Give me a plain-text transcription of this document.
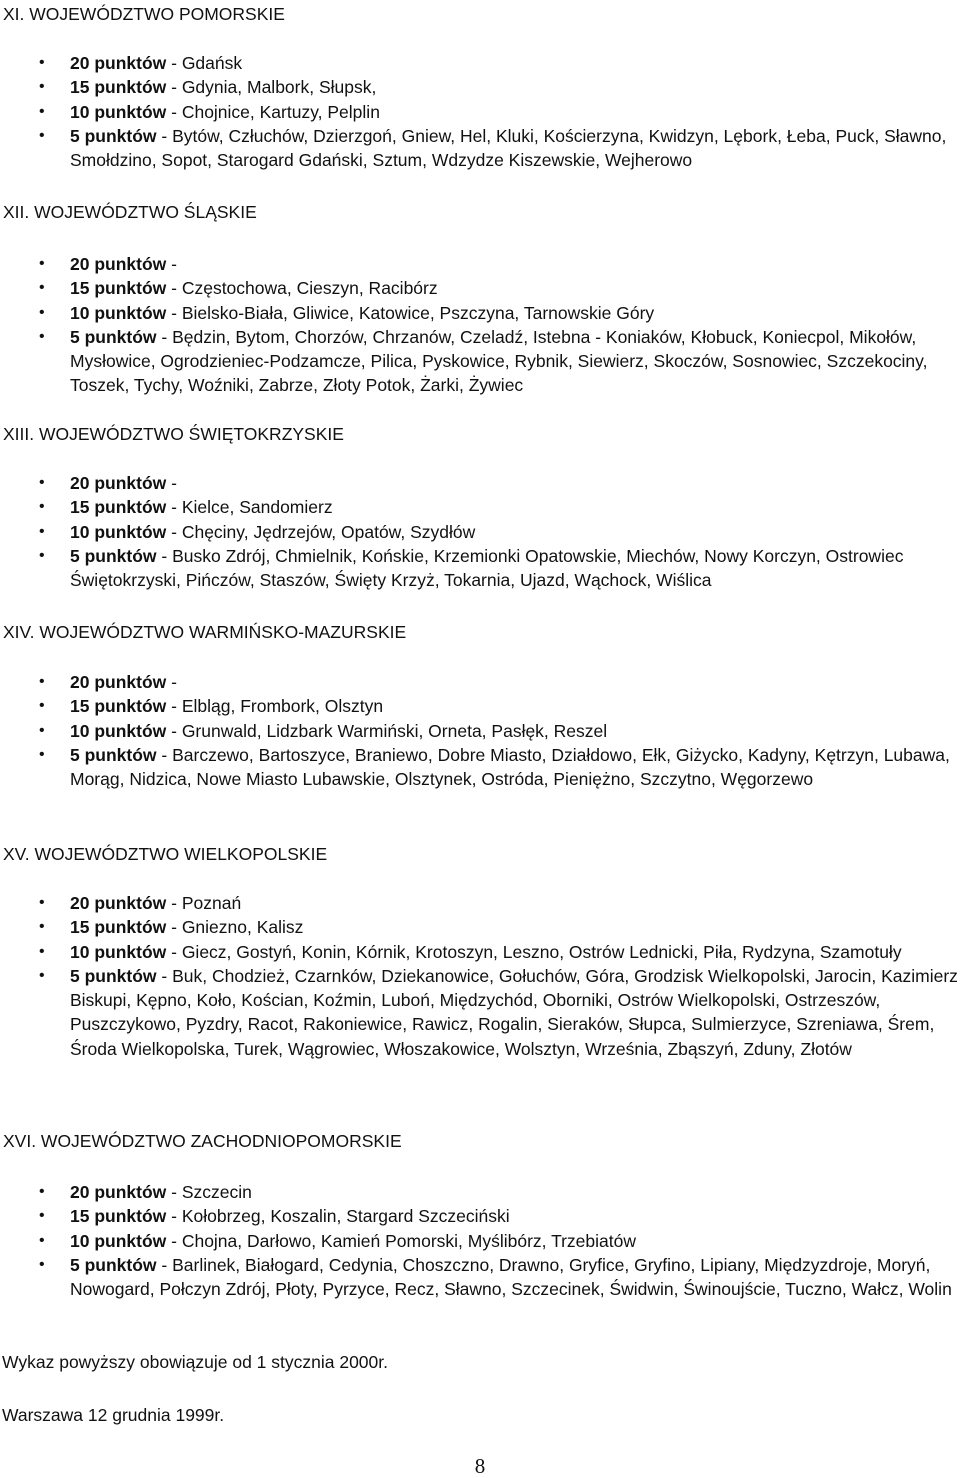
XI. WOJEWÓDZTWO POMORSKIE
• 20 punktów - Gdańsk
• 15 punktów - Gdynia, Malbork, Słupsk,
• 10 punktów - Chojnice, Kartuzy, Pelplin
• 5 punktów - Bytów, Człuchów, Dzierzgoń, Gniew, Hel, Kluki, Kościerzyna, Kwidzyn, Lębork, Łeba, Puck, Sławno, Smołdzino, Sopot, Starogard Gdański, Sztum, Wdzydze Kiszewskie, Wejherowo
XII. WOJEWÓDZTWO ŚLĄSKIE
• 20 punktów -
• 15 punktów - Częstochowa, Cieszyn, Racibórz
• 10 punktów - Bielsko-Biała, Gliwice, Katowice, Pszczyna, Tarnowskie Góry
• 5 punktów - Będzin, Bytom, Chorzów, Chrzanów, Czeladź, Istebna - Koniaków, Kłobuck, Koniecpol, Mikołów, Mysłowice, Ogrodzieniec-Podzamcze, Pilica, Pyskowice, Rybnik, Siewierz, Skoczów, Sosnowiec, Szczekociny, Toszek, Tychy, Woźniki, Zabrze, Złoty Potok, Żarki, Żywiec
XIII. WOJEWÓDZTWO ŚWIĘTOKRZYSKIE
• 20 punktów -
• 15 punktów - Kielce, Sandomierz
• 10 punktów - Chęciny, Jędrzejów, Opatów, Szydłów
• 5 punktów - Busko Zdrój, Chmielnik, Końskie, Krzemionki Opatowskie, Miechów, Nowy Korczyn, Ostrowiec Świętokrzyski, Pińczów, Staszów, Święty Krzyż, Tokarnia, Ujazd, Wąchock, Wiślica
XIV. WOJEWÓDZTWO WARMIŃSKO-MAZURSKIE
• 20 punktów -
• 15 punktów - Elbląg, Frombork, Olsztyn
• 10 punktów - Grunwald, Lidzbark Warmiński, Orneta, Pasłęk, Reszel
• 5 punktów - Barczewo, Bartoszyce, Braniewo, Dobre Miasto, Działdowo, Ełk, Giżycko, Kadyny, Kętrzyn, Lubawa, Morąg, Nidzica, Nowe Miasto Lubawskie, Olsztynek, Ostróda, Pieniężno, Szczytno, Węgorzewo
XV. WOJEWÓDZTWO WIELKOPOLSKIE
• 20 punktów - Poznań
• 15 punktów - Gniezno, Kalisz
• 10 punktów - Giecz, Gostyń, Konin, Kórnik, Krotoszyn, Leszno, Ostrów Lednicki, Piła, Rydzyna, Szamotuły
• 5 punktów - Buk, Chodzież, Czarnków, Dziekanowice, Gołuchów, Góra, Grodzisk Wielkopolski, Jarocin, Kazimierz Biskupi, Kępno, Koło, Kościan, Koźmin, Luboń, Międzychód, Oborniki, Ostrów Wielkopolski, Ostrzeszów, Puszczykowo, Pyzdry, Racot, Rakoniewice, Rawicz, Rogalin, Sieraków, Słupca, Sulmierzyce, Szreniawa, Śrem, Środa Wielkopolska, Turek, Wągrowiec, Włoszakowice, Wolsztyn, Września, Zbąszyń, Zduny, Złotów
XVI. WOJEWÓDZTWO ZACHODNIOPOMORSKIE
• 20 punktów - Szczecin
• 15 punktów - Kołobrzeg, Koszalin, Stargard Szczeciński
• 10 punktów - Chojna, Darłowo, Kamień Pomorski, Myślibórz, Trzebiatów
• 5 punktów - Barlinek, Białogard, Cedynia, Choszczno, Drawno, Gryfice, Gryfino, Lipiany, Międzyzdroje, Moryń, Nowogard, Połczyn Zdrój, Płoty, Pyrzyce, Recz, Sławno, Szczecinek, Świdwin, Świnoujście, Tuczno, Wałcz, Wolin

Wykaz powyższy obowiązuje od 1 stycznia 2000r.

Warszawa 12 grudnia 1999r.

8
